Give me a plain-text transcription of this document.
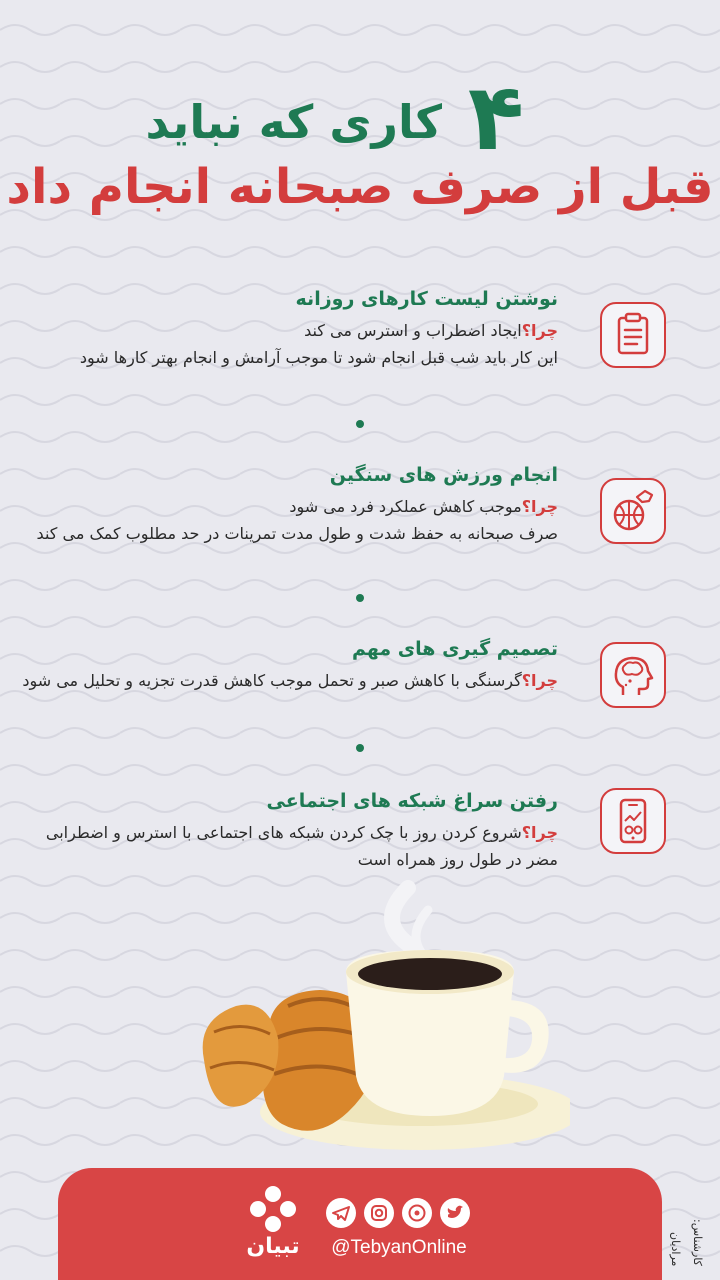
۴
کاری که نباید
قبل از صرف صبحانه انجام داد

نوشتن لیست کارهای روزانه

چرا؟ایجاد اضطراب و استرس می کند

این کار باید شب قبل انجام شود تا موجب آرامش و انجام بهتر کارها شود

انجام ورزش های سنگین

چرا؟موجب کاهش عملکرد فرد می شود

صرف صبحانه به حفظ شدت و طول مدت تمرینات در حد مطلوب کمک می کند

تصمیم گیری های مهم

چرا؟گرسنگی با کاهش صبر و تحمل موجب کاهش قدرت تجزیه و تحلیل می شود

رفتن سراغ شبکه های اجتماعی

چرا؟شروع کردن روز با چک کردن شبکه های اجتماعی با استرس و اضطرابی مضر در طول روز همراه است

تبیان	@TebyanOnline	کارشناس: مرادیان
